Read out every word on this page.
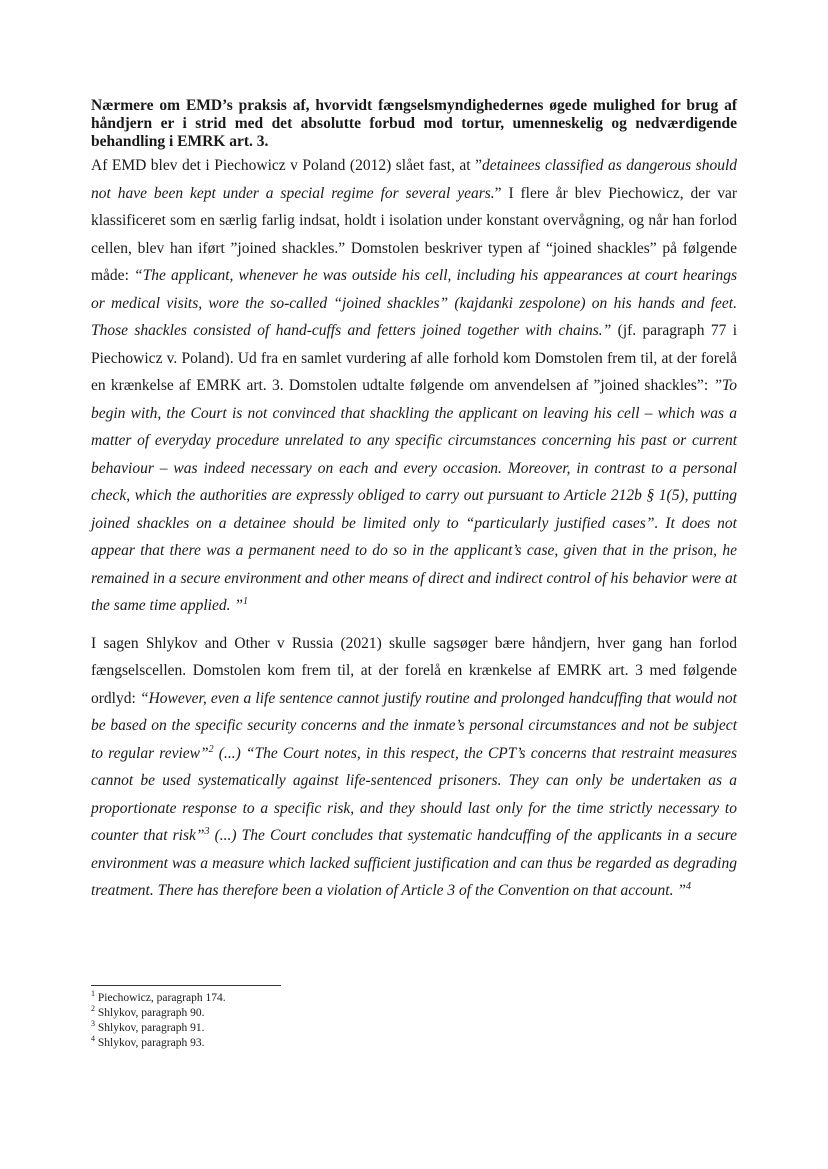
Nærmere om EMD’s praksis af, hvorvidt fængselsmyndighedernes øgede mulighed for brug af håndjern er i strid med det absolutte forbud mod tortur, umenneskelig og nedværdigende behandling i EMRK art. 3.

Af EMD blev det i Piechowicz v Poland (2012) slået fast, at ”detainees classified as dangerous should not have been kept under a special regime for several years.” I flere år blev Piechowicz, der var klassificeret som en særlig farlig indsat, holdt i isolation under konstant overvågning, og når han forlod cellen, blev han iført ”joined shackles.” Domstolen beskriver typen af “joined shackles” på følgende måde: “The applicant, whenever he was outside his cell, including his appearances at court hearings or medical visits, wore the so-called “joined shackles” (kajdanki zespolone) on his hands and feet. Those shackles consisted of hand-cuffs and fetters joined together with chains.” (jf. paragraph 77 i Piechowicz v. Poland). Ud fra en samlet vurdering af alle forhold kom Domstolen frem til, at der forelå en krænkelse af EMRK art. 3. Domstolen udtalte følgende om anvendelsen af ”joined shackles”: ”To begin with, the Court is not convinced that shackling the applicant on leaving his cell – which was a matter of everyday procedure unrelated to any specific circumstances concerning his past or current behaviour – was indeed necessary on each and every occasion. Moreover, in contrast to a personal check, which the authorities are expressly obliged to carry out pursuant to Article 212b § 1(5), putting joined shackles on a detainee should be limited only to “particularly justified cases”. It does not appear that there was a permanent need to do so in the applicant’s case, given that in the prison, he remained in a secure environment and other means of direct and indirect control of his behavior were at the same time applied. ”$^1$

I sagen Shlykov and Other v Russia (2021) skulle sagsøger bære håndjern, hver gang han forlod fængselscellen. Domstolen kom frem til, at der forelå en krænkelse af EMRK art. 3 med følgende ordlyd: “However, even a life sentence cannot justify routine and prolonged handcuffing that would not be based on the specific security concerns and the inmate’s personal circumstances and not be subject to regular review”$^2$ (...) “The Court notes, in this respect, the CPT’s concerns that restraint measures cannot be used systematically against life-sentenced prisoners. They can only be undertaken as a proportionate response to a specific risk, and they should last only for the time strictly necessary to counter that risk”$^3$ (...) The Court concludes that systematic handcuffing of the applicants in a secure environment was a measure which lacked sufficient justification and can thus be regarded as degrading treatment. There has therefore been a violation of Article 3 of the Convention on that account. ”$^4$

$^1$ Piechowicz, paragraph 174.

$^2$ Shlykov, paragraph 90.

$^3$ Shlykov, paragraph 91.

$^4$ Shlykov, paragraph 93.
